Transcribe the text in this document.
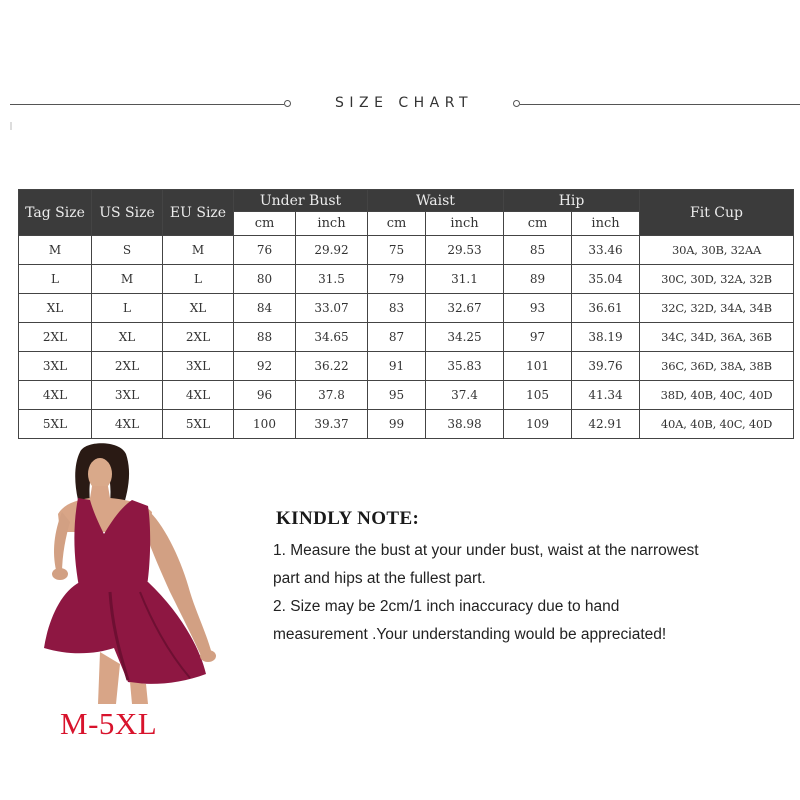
SIZE CHART
Tag Size	US Size	EU Size	Under Bust		Waist		Hip		Fit Cup
			cm	inch	cm	inch	cm	inch	
M	S	M	76	29.92	75	29.53	85	33.46	30A, 30B, 32AA
L	M	L	80	31.5	79	31.1	89	35.04	30C, 30D, 32A, 32B
XL	L	XL	84	33.07	83	32.67	93	36.61	32C, 32D, 34A, 34B
2XL	XL	2XL	88	34.65	87	34.25	97	38.19	34C, 34D, 36A, 36B
3XL	2XL	3XL	92	36.22	91	35.83	101	39.76	36C, 36D, 38A, 38B
4XL	3XL	4XL	96	37.8	95	37.4	105	41.34	38D, 40B, 40C, 40D
5XL	4XL	5XL	100	39.37	99	38.98	109	42.91	40A, 40B, 40C, 40D
M-5XL
KINDLY NOTE:
1. Measure the bust at your under bust, waist at the narrowest
part and hips at the fullest part.
2. Size may be 2cm/1 inch inaccuracy due to hand
measurement .Your understanding would be appreciated!
